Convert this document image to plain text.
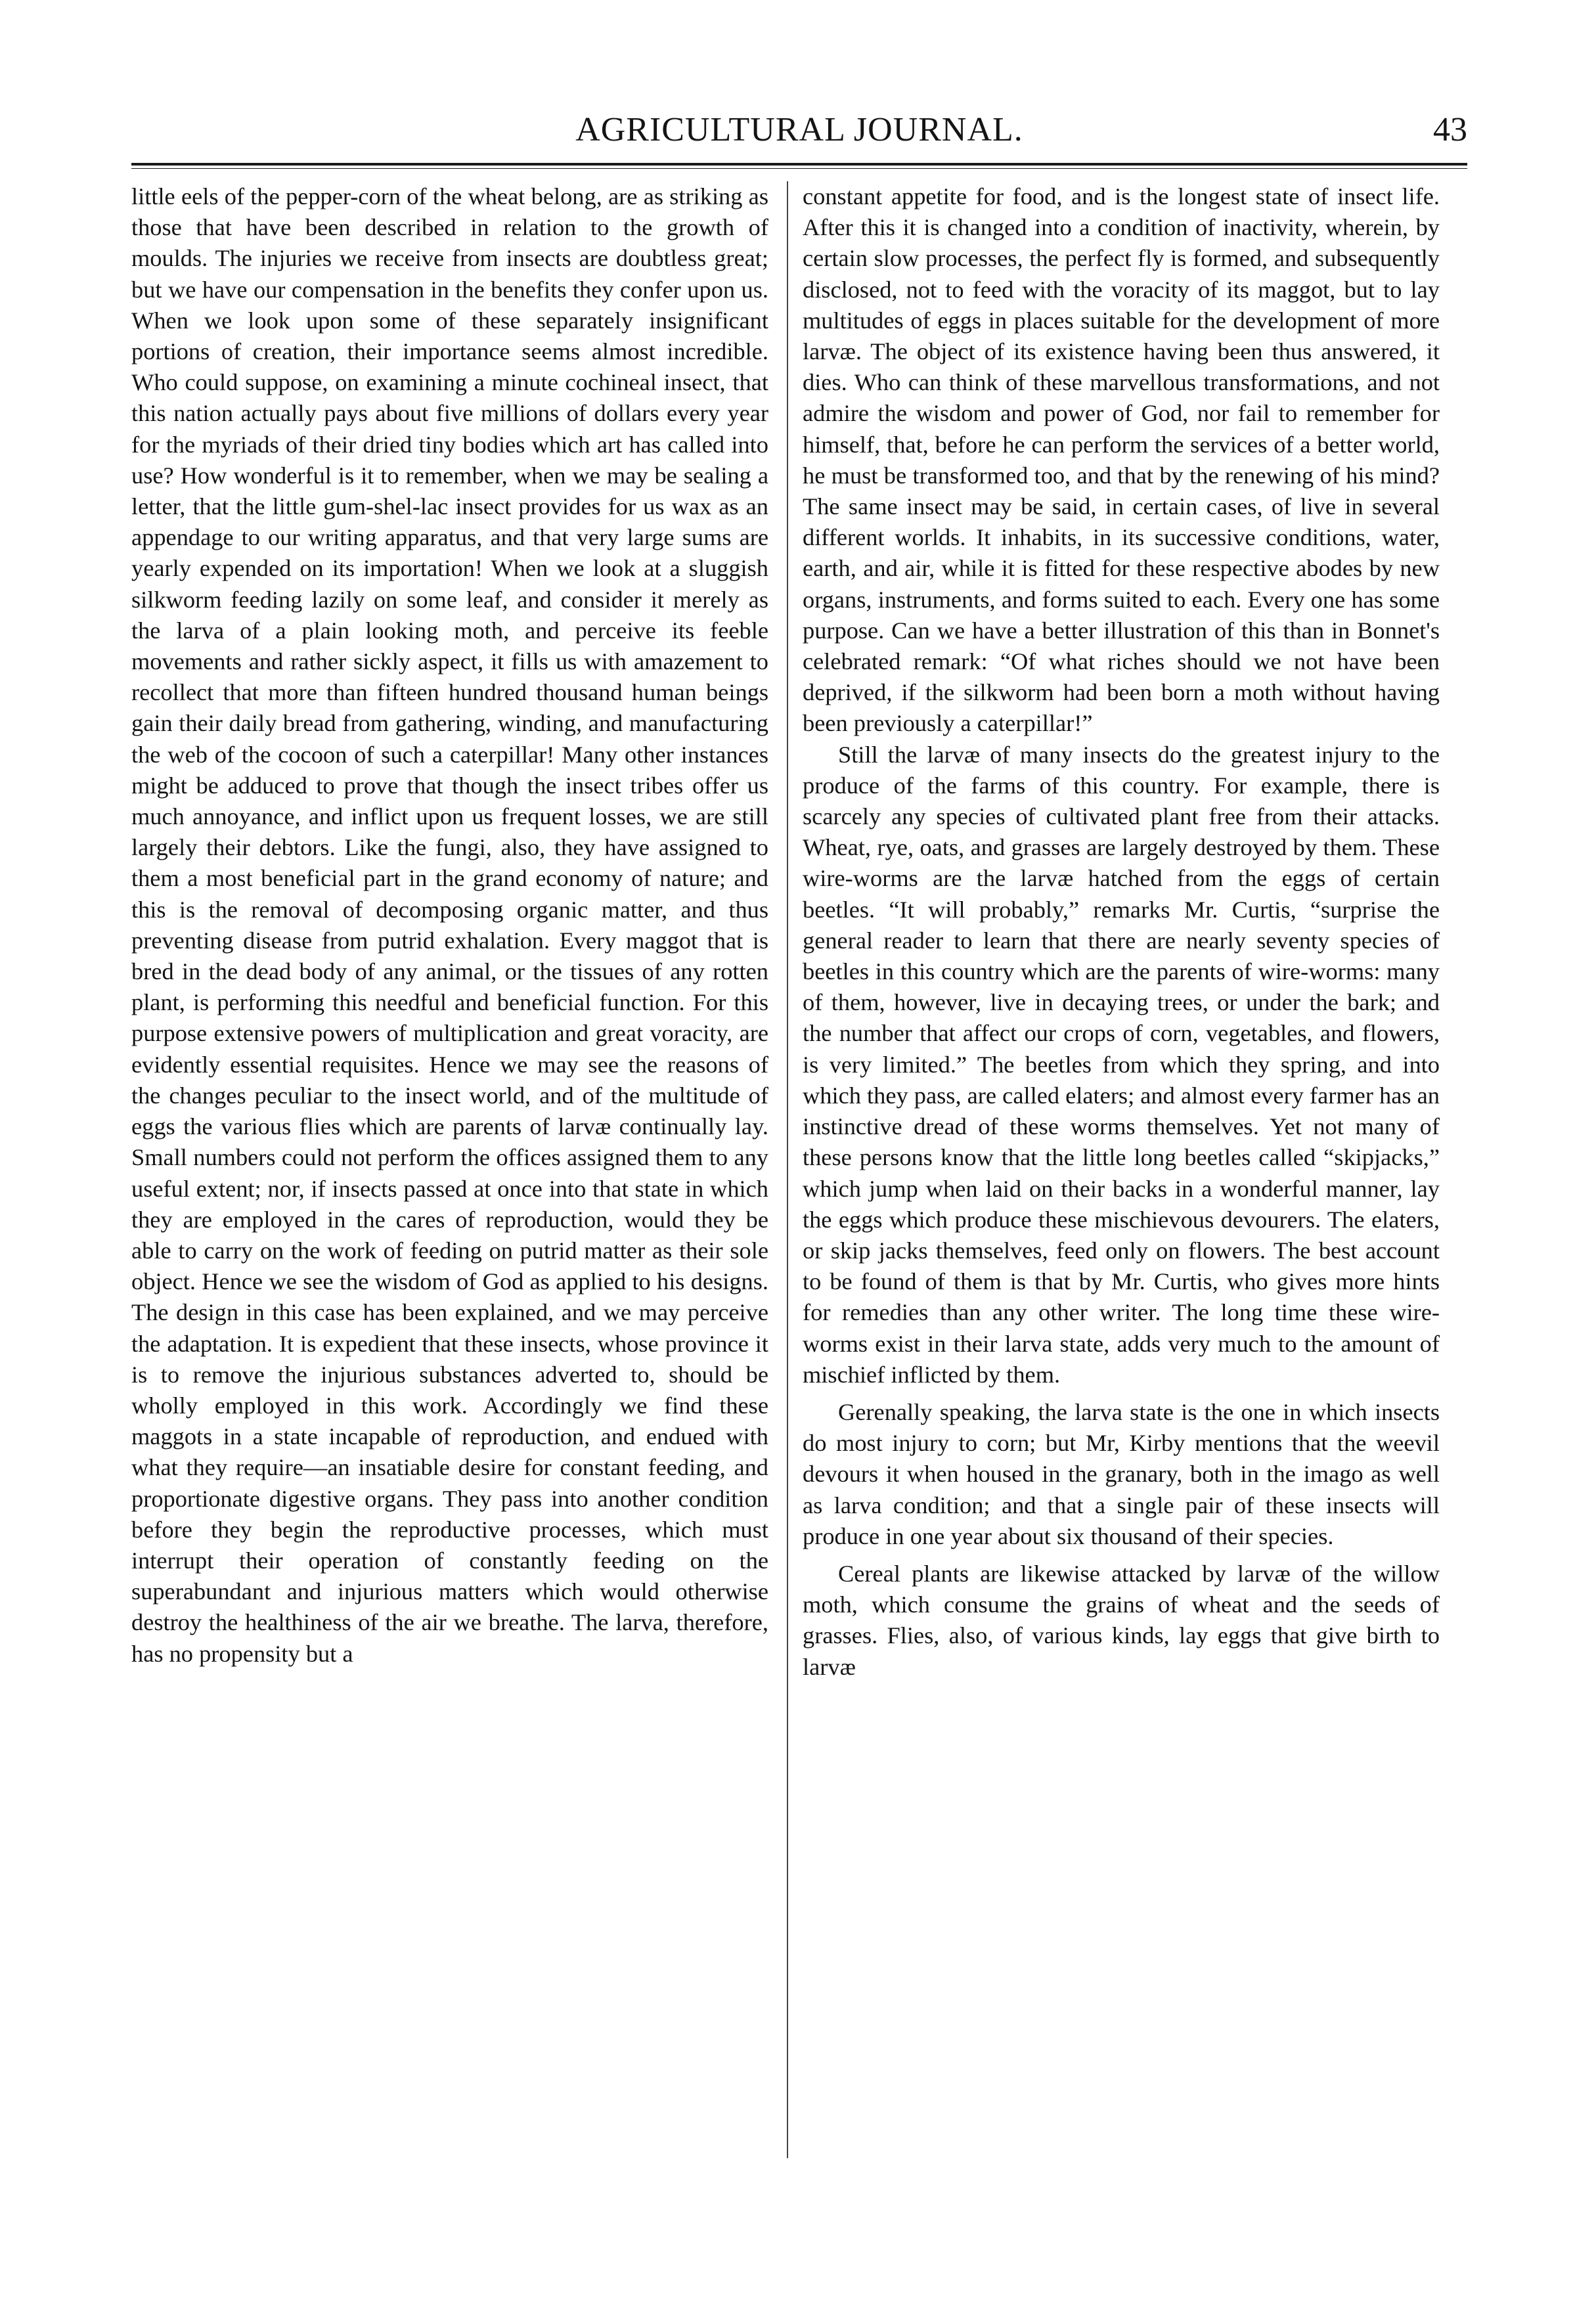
AGRICULTURAL JOURNAL.	43

little eels of the pepper-corn of the wheat belong, are as striking as those that have been described in relation to the growth of moulds. The injuries we receive from insects are doubtless great; but we have our compensation in the benefits they confer upon us. When we look upon some of these separately insignificant portions of creation, their importance seems almost incredible. Who could suppose, on examining a minute cochineal insect, that this nation actually pays about five millions of dollars every year for the myriads of their dried tiny bodies which art has called into use? How wonderful is it to remember, when we may be sealing a letter, that the little gum-shel-lac insect provides for us wax as an appendage to our writing apparatus, and that very large sums are yearly expended on its importation! When we look at a sluggish silkworm feeding lazily on some leaf, and consider it merely as the larva of a plain looking moth, and perceive its feeble movements and rather sickly aspect, it fills us with amazement to recollect that more than fifteen hundred thousand human beings gain their daily bread from gathering, winding, and manufacturing the web of the cocoon of such a caterpillar! Many other instances might be adduced to prove that though the insect tribes offer us much annoyance, and inflict upon us frequent losses, we are still largely their debtors. Like the fungi, also, they have assigned to them a most beneficial part in the grand economy of nature; and this is the removal of decomposing organic matter, and thus preventing disease from putrid exhalation. Every maggot that is bred in the dead body of any animal, or the tissues of any rotten plant, is performing this needful and beneficial function. For this purpose extensive powers of multiplication and great voracity, are evidently essential requisites. Hence we may see the reasons of the changes peculiar to the insect world, and of the multitude of eggs the various flies which are parents of larvæ continually lay. Small numbers could not perform the offices assigned them to any useful extent; nor, if insects passed at once into that state in which they are employed in the cares of reproduction, would they be able to carry on the work of feeding on putrid matter as their sole object. Hence we see the wisdom of God as applied to his designs. The design in this case has been explained, and we may perceive the adaptation. It is expedient that these insects, whose province it is to remove the injurious substances adverted to, should be wholly employed in this work. Accordingly we find these maggots in a state incapable of reproduction, and endued with what they require—an insatiable desire for constant feeding, and proportionate digestive organs. They pass into another condition before they begin the reproductive processes, which must interrupt their operation of constantly feeding on the superabundant and injurious matters which would otherwise destroy the healthiness of the air we breathe. The larva, therefore, has no propensity but a

constant appetite for food, and is the longest state of insect life. After this it is changed into a condition of inactivity, wherein, by certain slow processes, the perfect fly is formed, and subsequently disclosed, not to feed with the voracity of its maggot, but to lay multitudes of eggs in places suitable for the development of more larvæ. The object of its existence having been thus answered, it dies. Who can think of these marvellous transformations, and not admire the wisdom and power of God, nor fail to remember for himself, that, before he can perform the services of a better world, he must be transformed too, and that by the renewing of his mind? The same insect may be said, in certain cases, of live in several different worlds. It inhabits, in its successive conditions, water, earth, and air, while it is fitted for these respective abodes by new organs, instruments, and forms suited to each. Every one has some purpose. Can we have a better illustration of this than in Bonnet's celebrated remark: “Of what riches should we not have been deprived, if the silkworm had been born a moth without having been previously a caterpillar!”

Still the larvæ of many insects do the greatest injury to the produce of the farms of this country. For example, there is scarcely any species of cultivated plant free from their attacks. Wheat, rye, oats, and grasses are largely destroyed by them. These wire-worms are the larvæ hatched from the eggs of certain beetles. “It will probably,” remarks Mr. Curtis, “surprise the general reader to learn that there are nearly seventy species of beetles in this country which are the parents of wire-worms: many of them, however, live in decaying trees, or under the bark; and the number that affect our crops of corn, vegetables, and flowers, is very limited.” The beetles from which they spring, and into which they pass, are called elaters; and almost every farmer has an instinctive dread of these worms themselves. Yet not many of these persons know that the little long beetles called “skipjacks,” which jump when laid on their backs in a wonderful manner, lay the eggs which produce these mischievous devourers. The elaters, or skip jacks themselves, feed only on flowers. The best account to be found of them is that by Mr. Curtis, who gives more hints for remedies than any other writer. The long time these wire-worms exist in their larva state, adds very much to the amount of mischief inflicted by them.

Gerenally speaking, the larva state is the one in which insects do most injury to corn; but Mr, Kirby mentions that the weevil devours it when housed in the granary, both in the imago as well as larva condition; and that a single pair of these insects will produce in one year about six thousand of their species.

Cereal plants are likewise attacked by larvæ of the willow moth, which consume the grains of wheat and the seeds of grasses. Flies, also, of various kinds, lay eggs that give birth to larvæ
